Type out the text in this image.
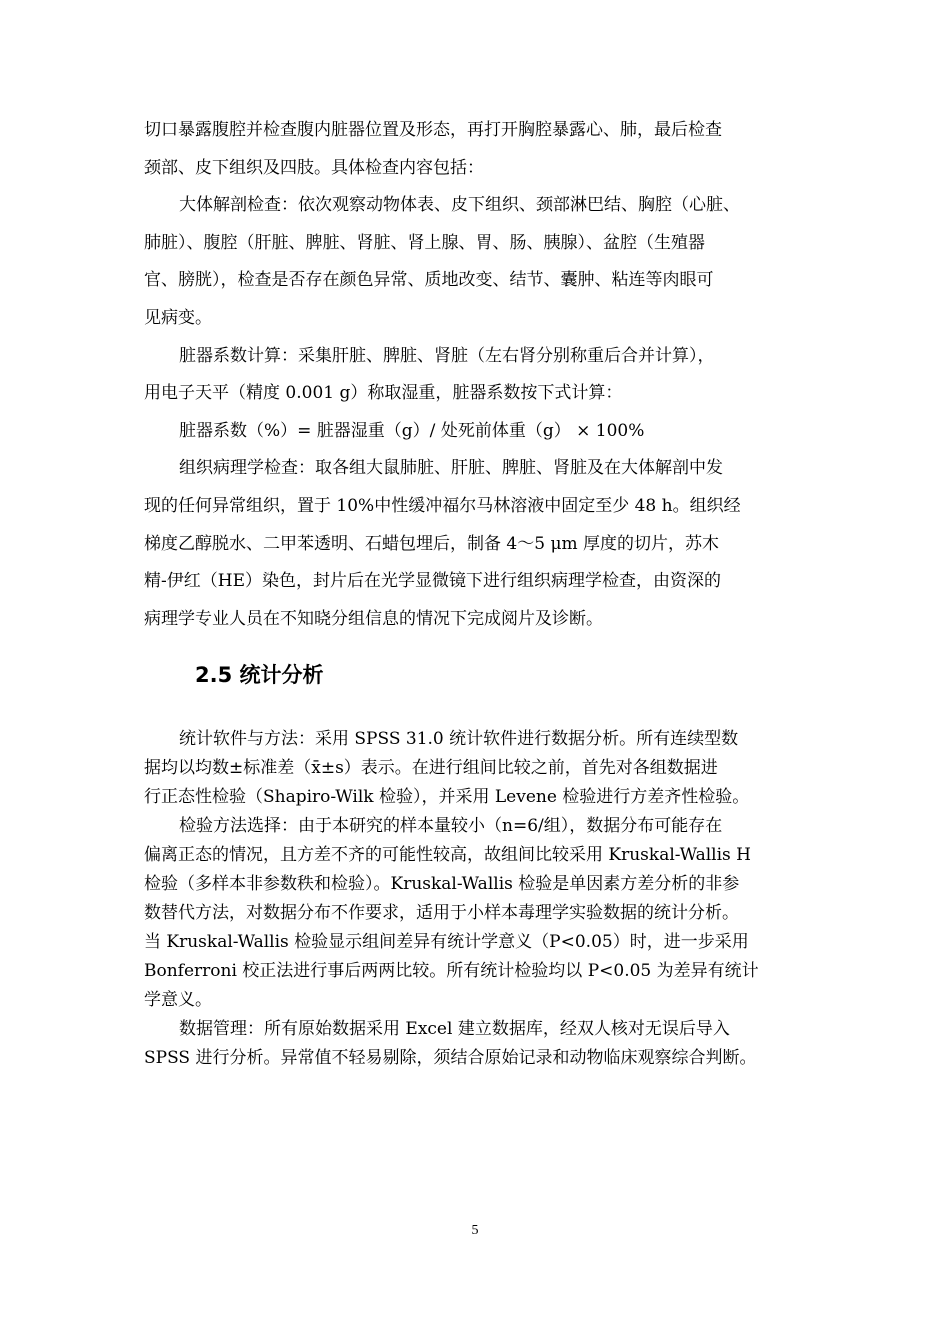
切口暴露腹腔并检查腹内脏器位置及形态，再打开胸腔暴露心、肺，最后检查
颈部、皮下组织及四肢。具体检查内容包括：
大体解剖检查：依次观察动物体表、皮下组织、颈部淋巴结、胸腔（心脏、
肺脏）、腹腔（肝脏、脾脏、肾脏、肾上腺、胃、肠、胰腺）、盆腔（生殖器
官、膀胱），检查是否存在颜色异常、质地改变、结节、囊肿、粘连等肉眼可
见病变。
脏器系数计算：采集肝脏、脾脏、肾脏（左右肾分别称重后合并计算），
用电子天平（精度 0.001 g）称取湿重，脏器系数按下式计算：
脏器系数（%）= 脏器湿重（g）/ 处死前体重（g） × 100%
组织病理学检查：取各组大鼠肺脏、肝脏、脾脏、肾脏及在大体解剖中发
现的任何异常组织，置于 10%中性缓冲福尔马林溶液中固定至少 48 h。组织经
梯度乙醇脱水、二甲苯透明、石蜡包埋后，制备 4～5 μm 厚度的切片，苏木
精-伊红（HE）染色，封片后在光学显微镜下进行组织病理学检查，由资深的
病理学专业人员在不知晓分组信息的情况下完成阅片及诊断。
2.5 统计分析
统计软件与方法：采用 SPSS 31.0 统计软件进行数据分析。所有连续型数
据均以均数±标准差（x̄±s）表示。在进行组间比较之前，首先对各组数据进
行正态性检验（Shapiro-Wilk 检验），并采用 Levene 检验进行方差齐性检验。
检验方法选择：由于本研究的样本量较小（n=6/组），数据分布可能存在
偏离正态的情况，且方差不齐的可能性较高，故组间比较采用 Kruskal-Wallis H
检验（多样本非参数秩和检验）。Kruskal-Wallis 检验是单因素方差分析的非参
数替代方法，对数据分布不作要求，适用于小样本毒理学实验数据的统计分析。
当 Kruskal-Wallis 检验显示组间差异有统计学意义（P<0.05）时，进一步采用
Bonferroni 校正法进行事后两两比较。所有统计检验均以 P<0.05 为差异有统计
学意义。
数据管理：所有原始数据采用 Excel 建立数据库，经双人核对无误后导入
SPSS 进行分析。异常值不轻易剔除，须结合原始记录和动物临床观察综合判断。
5
